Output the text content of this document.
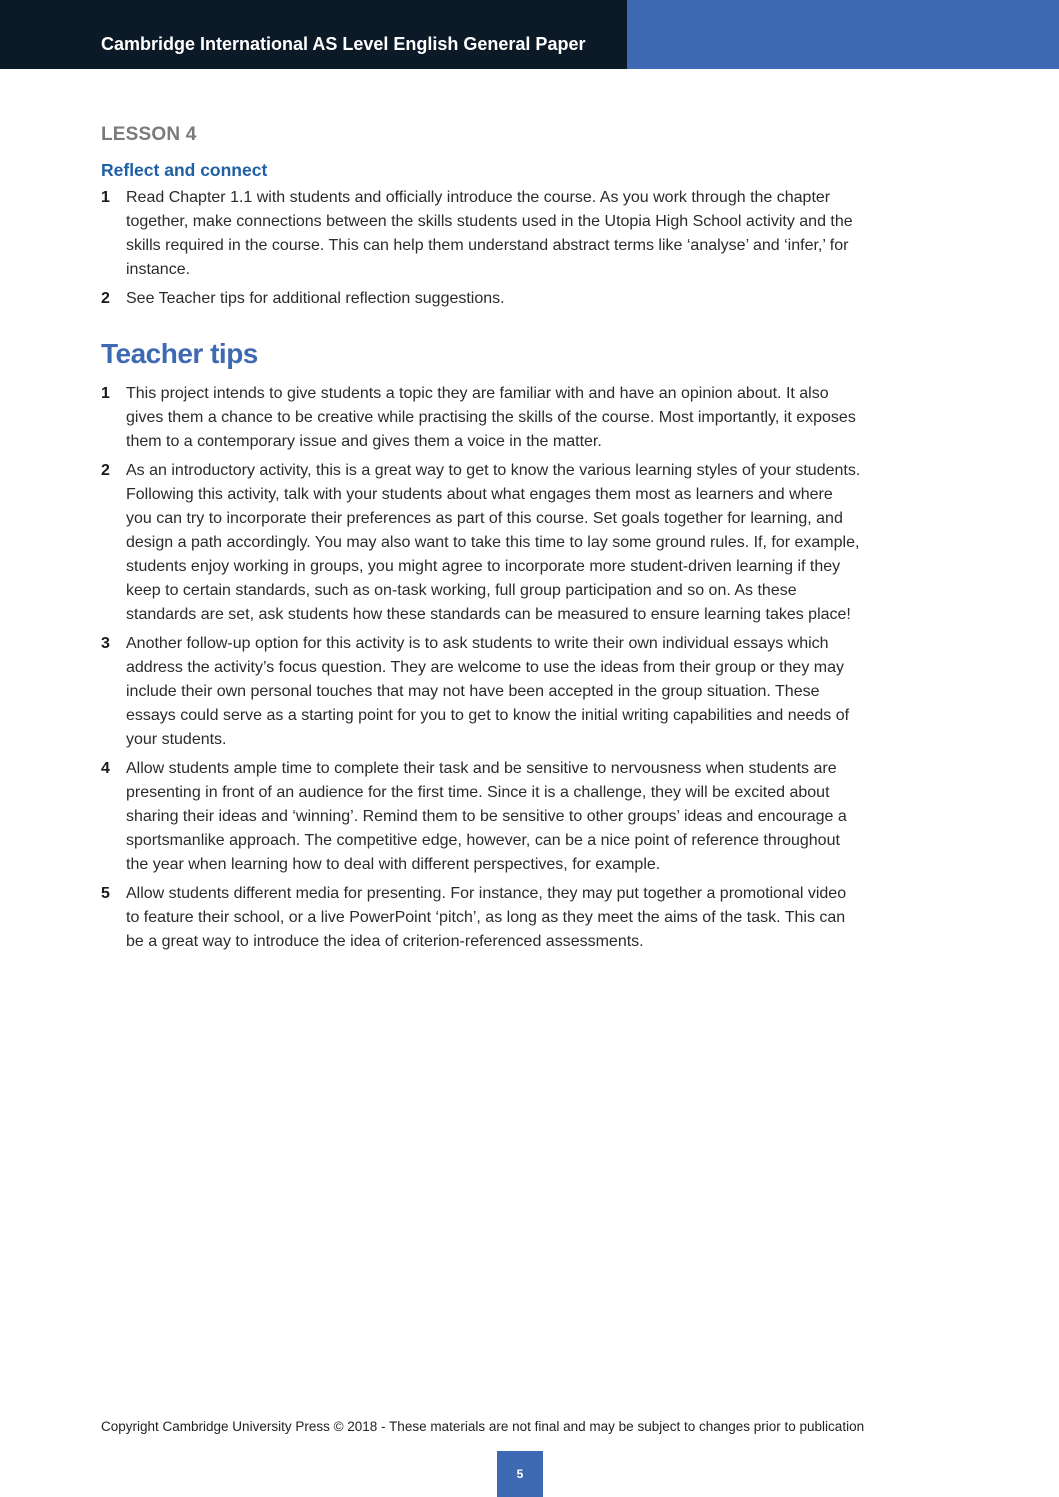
Cambridge International AS Level English General Paper
LESSON 4
Reflect and connect
1 Read Chapter 1.1 with students and officially introduce the course. As you work through the chapter together, make connections between the skills students used in the Utopia High School activity and the skills required in the course. This can help them understand abstract terms like ‘analyse’ and ‘infer,’ for instance.
2 See Teacher tips for additional reflection suggestions.
Teacher tips
1 This project intends to give students a topic they are familiar with and have an opinion about. It also gives them a chance to be creative while practising the skills of the course. Most importantly, it exposes them to a contemporary issue and gives them a voice in the matter.
2 As an introductory activity, this is a great way to get to know the various learning styles of your students. Following this activity, talk with your students about what engages them most as learners and where you can try to incorporate their preferences as part of this course. Set goals together for learning, and design a path accordingly. You may also want to take this time to lay some ground rules. If, for example, students enjoy working in groups, you might agree to incorporate more student-driven learning if they keep to certain standards, such as on-task working, full group participation and so on. As these standards are set, ask students how these standards can be measured to ensure learning takes place!
3 Another follow-up option for this activity is to ask students to write their own individual essays which address the activity’s focus question. They are welcome to use the ideas from their group or they may include their own personal touches that may not have been accepted in the group situation. These essays could serve as a starting point for you to get to know the initial writing capabilities and needs of your students.
4 Allow students ample time to complete their task and be sensitive to nervousness when students are presenting in front of an audience for the first time. Since it is a challenge, they will be excited about sharing their ideas and ‘winning’. Remind them to be sensitive to other groups’ ideas and encourage a sportsmanlike approach. The competitive edge, however, can be a nice point of reference throughout the year when learning how to deal with different perspectives, for example.
5 Allow students different media for presenting. For instance, they may put together a promotional video to feature their school, or a live PowerPoint ‘pitch’, as long as they meet the aims of the task. This can be a great way to introduce the idea of criterion-referenced assessments.
Copyright Cambridge University Press © 2018 - These materials are not final and may be subject to changes prior to publication
5
